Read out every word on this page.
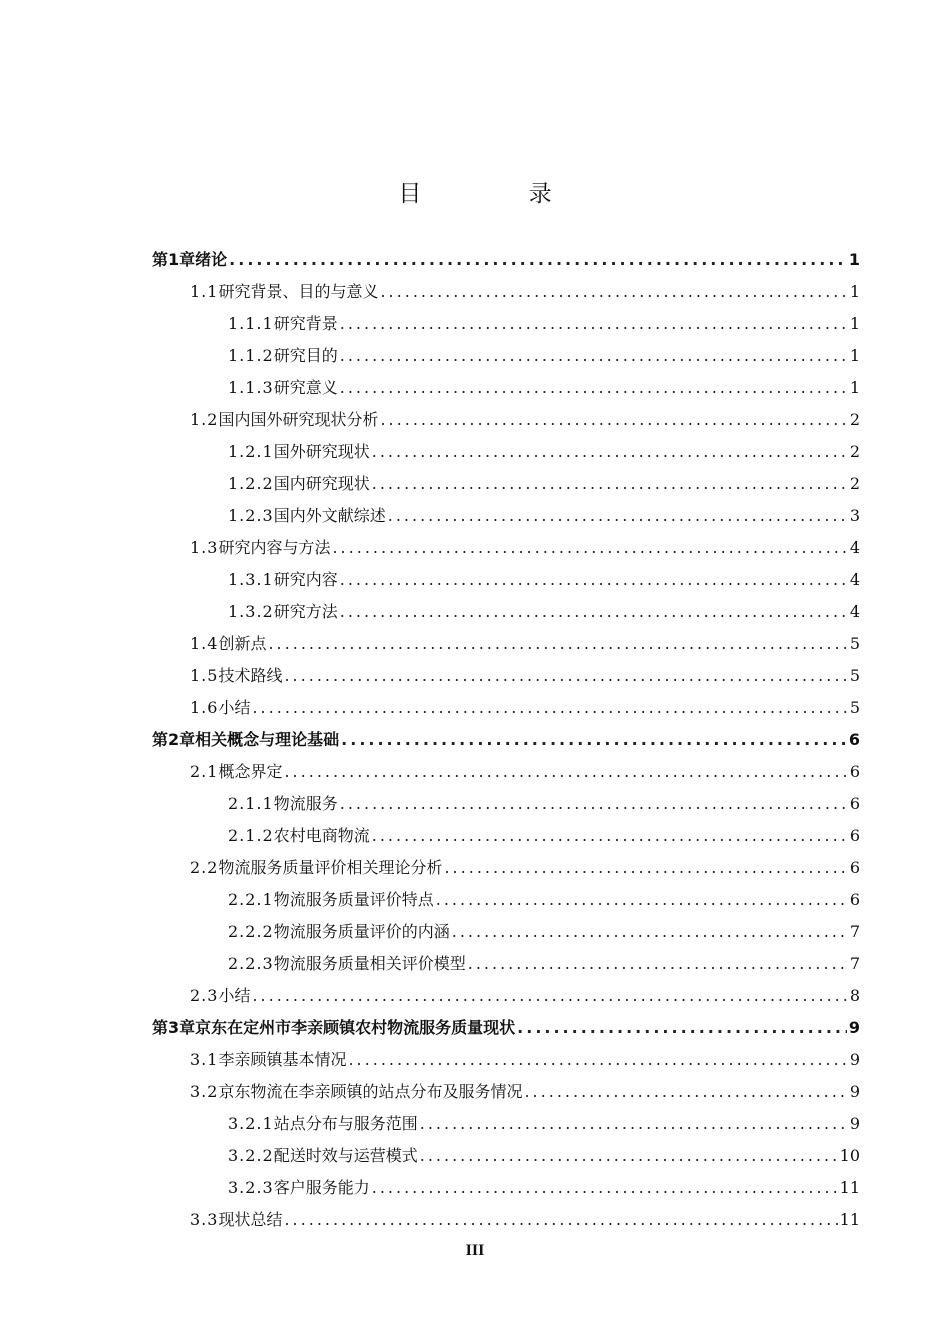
目 录
第1章 绪论 .....	1
1.1 研究背景、目的与意义 .....	1
1.1.1 研究背景 .....	1
1.1.2 研究目的 .....	1
1.1.3 研究意义 .....	1
1.2 国内国外研究现状分析 .....	2
1.2.1 国外研究现状 .....	2
1.2.2 国内研究现状 .....	2
1.2.3 国内外文献综述 .....	3
1.3 研究内容与方法 .....	4
1.3.1 研究内容 .....	4
1.3.2 研究方法 .....	4
1.4 创新点 .....	5
1.5 技术路线 .....	5
1.6 小结 .....	5
第2章 相关概念与理论基础 .....	6
2.1 概念界定 .....	6
2.1.1 物流服务 .....	6
2.1.2 农村电商物流 .....	6
2.2 物流服务质量评价相关理论分析 .....	6
2.2.1 物流服务质量评价特点 .....	6
2.2.2 物流服务质量评价的内涵 .....	7
2.2.3 物流服务质量相关评价模型 .....	7
2.3 小结 .....	8
第3章 京东在定州市李亲顾镇农村物流服务质量现状 .....	9
3.1 李亲顾镇基本情况 .....	9
3.2 京东物流在李亲顾镇的站点分布及服务情况 .....	9
3.2.1 站点分布与服务范围 .....	9
3.2.2 配送时效与运营模式 .....	10
3.2.3 客户服务能力 .....	11
3.3 现状总结 .....	11
III
